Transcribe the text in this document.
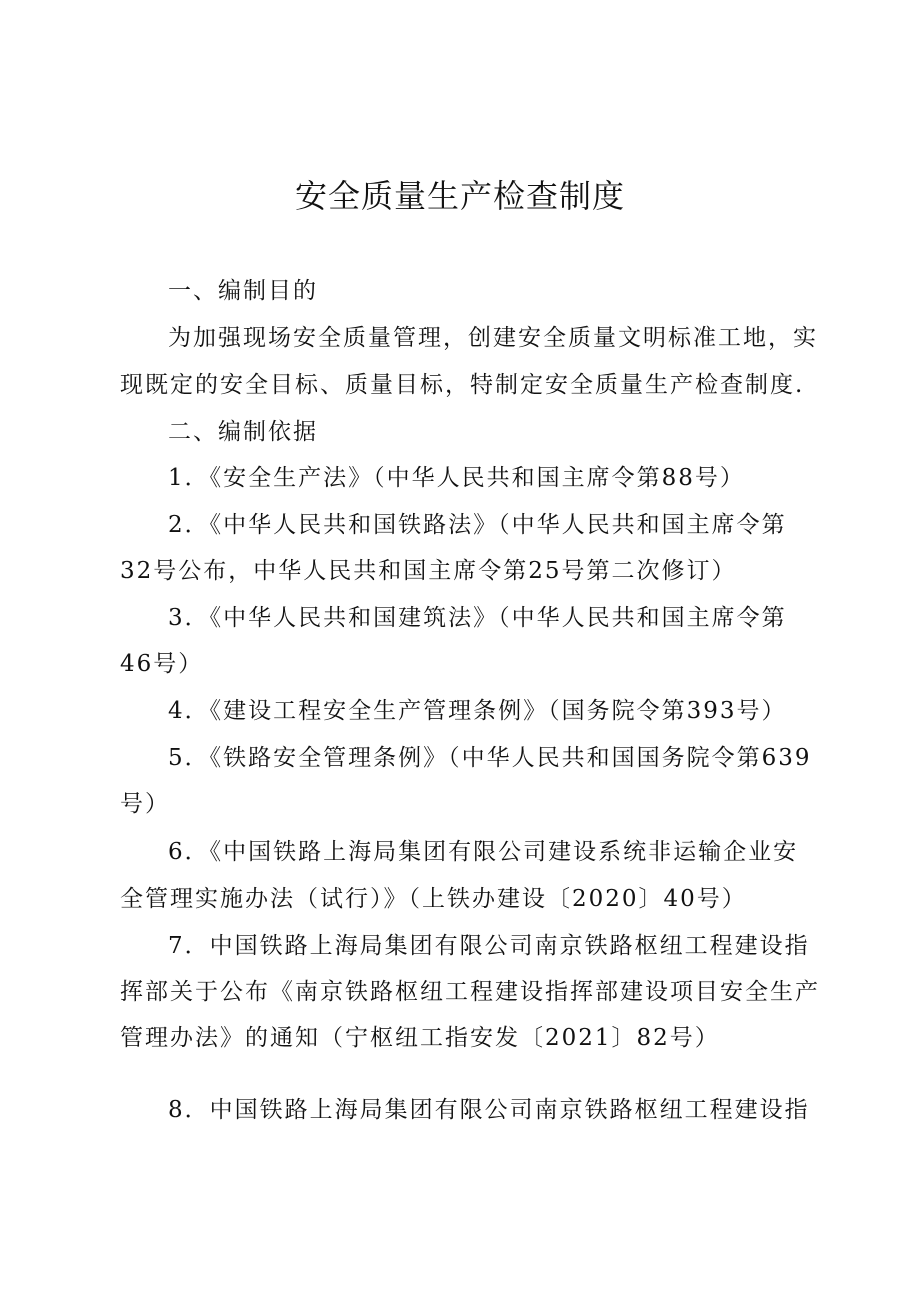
安全质量生产检查制度
一、编制目的
为加强现场安全质量管理，创建安全质量文明标准工地，实
现既定的安全目标、质量目标，特制定安全质量生产检查制度.
二、编制依据
1．《安全生产法》（中华人民共和国主席令第88号）
2．《中华人民共和国铁路法》（中华人民共和国主席令第
32号公布，中华人民共和国主席令第25号第二次修订）
3．《中华人民共和国建筑法》（中华人民共和国主席令第
46号）
4．《建设工程安全生产管理条例》（国务院令第393号）
5．《铁路安全管理条例》（中华人民共和国国务院令第639
号）
6．《中国铁路上海局集团有限公司建设系统非运输企业安
全管理实施办法（试行）》（上铁办建设〔2020〕40号）
7．中国铁路上海局集团有限公司南京铁路枢纽工程建设指
挥部关于公布《南京铁路枢纽工程建设指挥部建设项目安全生产
管理办法》的通知（宁枢纽工指安发〔2021〕82号）
8．中国铁路上海局集团有限公司南京铁路枢纽工程建设指
